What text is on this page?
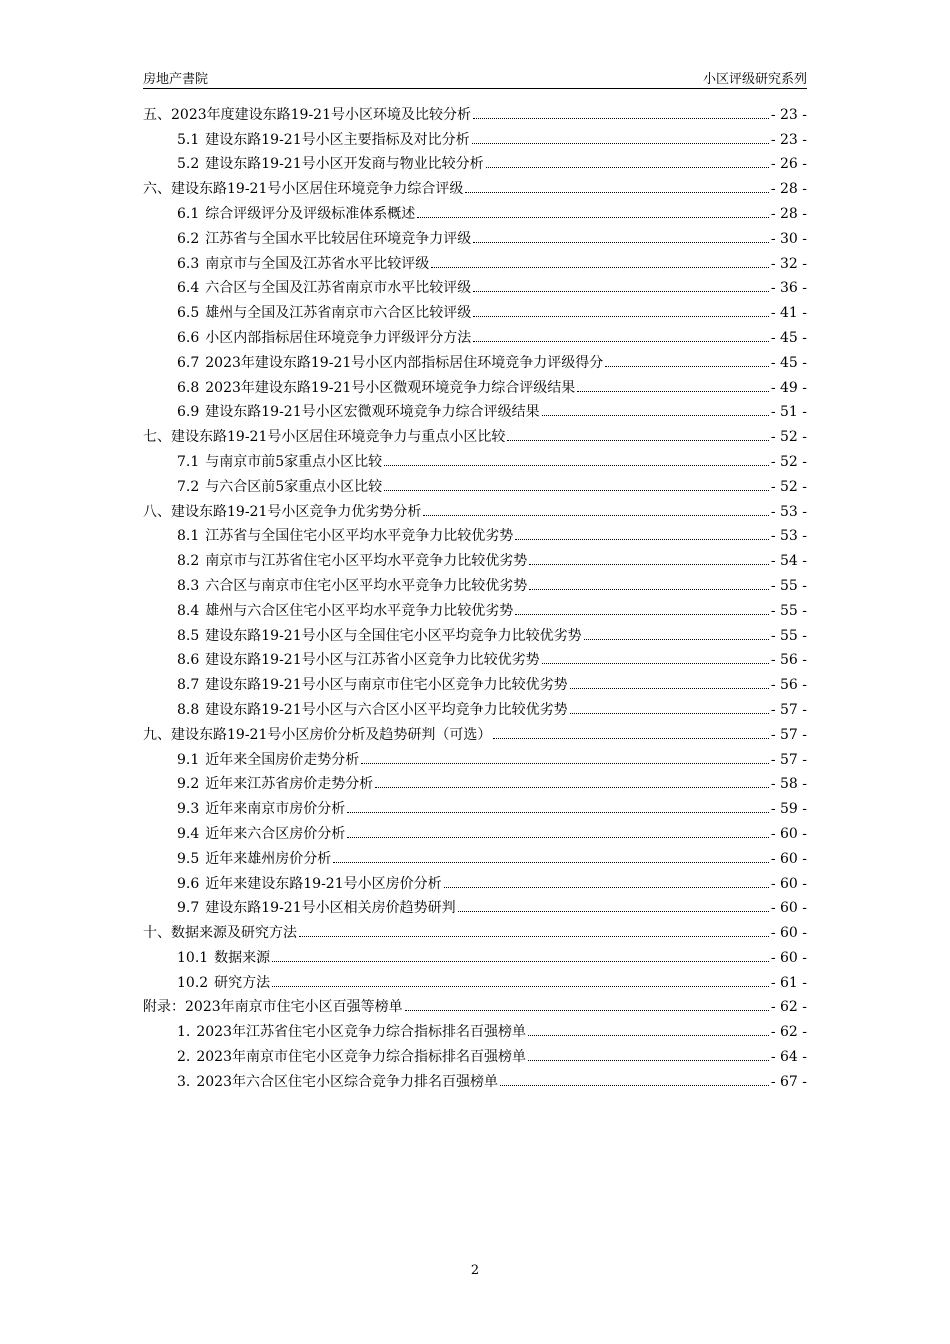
房地产書院	小区评级研究系列
五、2023年度建设东路19-21号小区环境及比较分析	- 23 -
5.1 建设东路19-21号小区主要指标及对比分析	- 23 -
5.2 建设东路19-21号小区开发商与物业比较分析	- 26 -
六、建设东路19-21号小区居住环境竞争力综合评级	- 28 -
6.1 综合评级评分及评级标准体系概述	- 28 -
6.2 江苏省与全国水平比较居住环境竞争力评级	- 30 -
6.3 南京市与全国及江苏省水平比较评级	- 32 -
6.4 六合区与全国及江苏省南京市水平比较评级	- 36 -
6.5 雄州与全国及江苏省南京市六合区比较评级	- 41 -
6.6 小区内部指标居住环境竞争力评级评分方法	- 45 -
6.7 2023年建设东路19-21号小区内部指标居住环境竞争力评级得分	- 45 -
6.8 2023年建设东路19-21号小区微观环境竞争力综合评级结果	- 49 -
6.9 建设东路19-21号小区宏微观环境竞争力综合评级结果	- 51 -
七、建设东路19-21号小区居住环境竞争力与重点小区比较	- 52 -
7.1 与南京市前5家重点小区比较	- 52 -
7.2 与六合区前5家重点小区比较	- 52 -
八、建设东路19-21号小区竞争力优劣势分析	- 53 -
8.1 江苏省与全国住宅小区平均水平竞争力比较优劣势	- 53 -
8.2 南京市与江苏省住宅小区平均水平竞争力比较优劣势	- 54 -
8.3 六合区与南京市住宅小区平均水平竞争力比较优劣势	- 55 -
8.4 雄州与六合区住宅小区平均水平竞争力比较优劣势	- 55 -
8.5 建设东路19-21号小区与全国住宅小区平均竞争力比较优劣势	- 55 -
8.6 建设东路19-21号小区与江苏省小区竞争力比较优劣势	- 56 -
8.7 建设东路19-21号小区与南京市住宅小区竞争力比较优劣势	- 56 -
8.8 建设东路19-21号小区与六合区小区平均竞争力比较优劣势	- 57 -
九、建设东路19-21号小区房价分析及趋势研判（可选）	- 57 -
9.1 近年来全国房价走势分析	- 57 -
9.2 近年来江苏省房价走势分析	- 58 -
9.3 近年来南京市房价分析	- 59 -
9.4 近年来六合区房价分析	- 60 -
9.5 近年来雄州房价分析	- 60 -
9.6 近年来建设东路19-21号小区房价分析	- 60 -
9.7 建设东路19-21号小区相关房价趋势研判	- 60 -
十、数据来源及研究方法	- 60 -
10.1 数据来源	- 60 -
10.2 研究方法	- 61 -
附录：2023年南京市住宅小区百强等榜单	- 62 -
1. 2023年江苏省住宅小区竞争力综合指标排名百强榜单	- 62 -
2. 2023年南京市住宅小区竞争力综合指标排名百强榜单	- 64 -
3. 2023年六合区住宅小区综合竞争力排名百强榜单	- 67 -
2
